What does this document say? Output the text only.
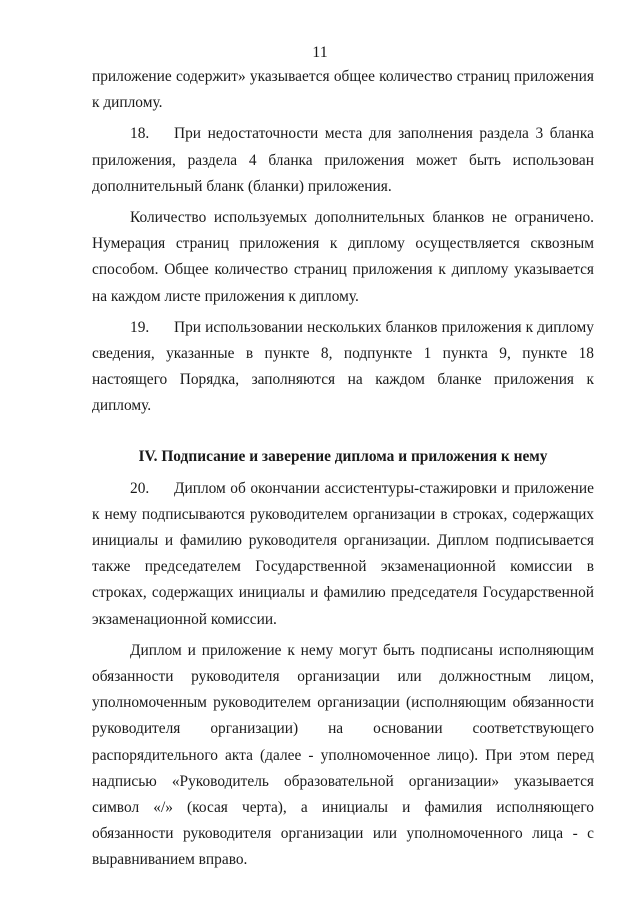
11

приложение содержит» указывается общее количество страниц приложения к диплому.

18. При недостаточности места для заполнения раздела 3 бланка приложения, раздела 4 бланка приложения может быть использован дополнительный бланк (бланки) приложения.

Количество используемых дополнительных бланков не ограничено. Нумерация страниц приложения к диплому осуществляется сквозным способом. Общее количество страниц приложения к диплому указывается на каждом листе приложения к диплому.

19. При использовании нескольких бланков приложения к диплому сведения, указанные в пункте 8, подпункте 1 пункта 9, пункте 18 настоящего Порядка, заполняются на каждом бланке приложения к диплому.

IV. Подписание и заверение диплома и приложения к нему

20. Диплом об окончании ассистентуры-стажировки и приложение к нему подписываются руководителем организации в строках, содержащих инициалы и фамилию руководителя организации. Диплом подписывается также председателем Государственной экзаменационной комиссии в строках, содержащих инициалы и фамилию председателя Государственной экзаменационной комиссии.

Диплом и приложение к нему могут быть подписаны исполняющим обязанности руководителя организации или должностным лицом, уполномоченным руководителем организации (исполняющим обязанности руководителя организации) на основании соответствующего распорядительного акта (далее - уполномоченное лицо). При этом перед надписью «Руководитель образовательной организации» указывается символ «/» (косая черта), а инициалы и фамилия исполняющего обязанности руководителя организации или уполномоченного лица - с выравниванием вправо.
